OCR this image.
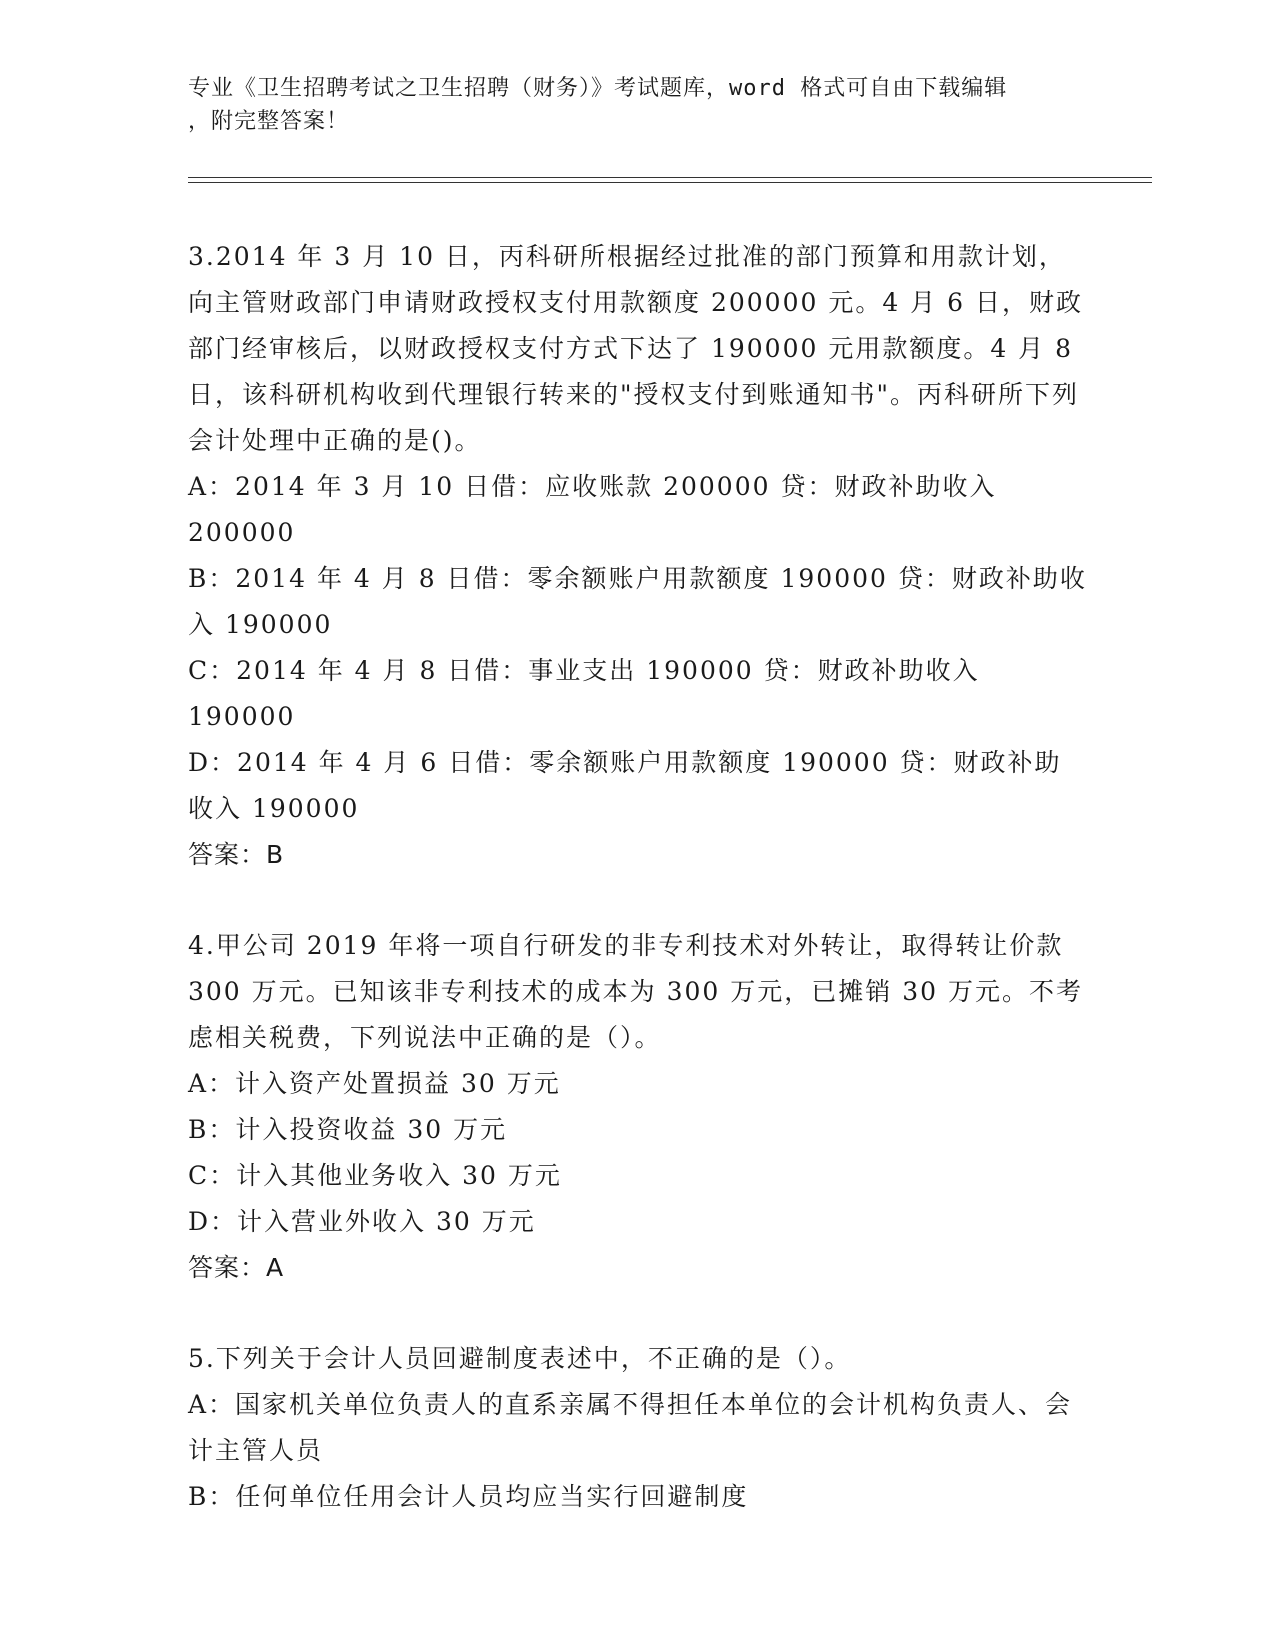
专业《卫生招聘考试之卫生招聘（财务）》考试题库，word 格式可自由下载编辑
，附完整答案！
3.2014 年 3 月 10 日，丙科研所根据经过批准的部门预算和用款计划，向主管财政部门申请财政授权支付用款额度 200000 元。4 月 6 日，财政部门经审核后，以财政授权支付方式下达了 190000 元用款额度。4 月 8 日，该科研机构收到代理银行转来的"授权支付到账通知书"。丙科研所下列会计处理中正确的是()。
A：2014 年 3 月 10 日借：应收账款 200000 贷：财政补助收入 200000
B：2014 年 4 月 8 日借：零余额账户用款额度 190000 贷：财政补助收入 190000
C：2014 年 4 月 8 日借：事业支出 190000 贷：财政补助收入 190000
D：2014 年 4 月 6 日借：零余额账户用款额度 190000 贷：财政补助收入 190000
答案：B
4.甲公司 2019 年将一项自行研发的非专利技术对外转让，取得转让价款 300 万元。已知该非专利技术的成本为 300 万元，已摊销 30 万元。不考虑相关税费，下列说法中正确的是（）。
A：计入资产处置损益 30 万元
B：计入投资收益 30 万元
C：计入其他业务收入 30 万元
D：计入营业外收入 30 万元
答案：A
5.下列关于会计人员回避制度表述中，不正确的是（）。
A：国家机关单位负责人的直系亲属不得担任本单位的会计机构负责人、会计主管人员
B：任何单位任用会计人员均应当实行回避制度
